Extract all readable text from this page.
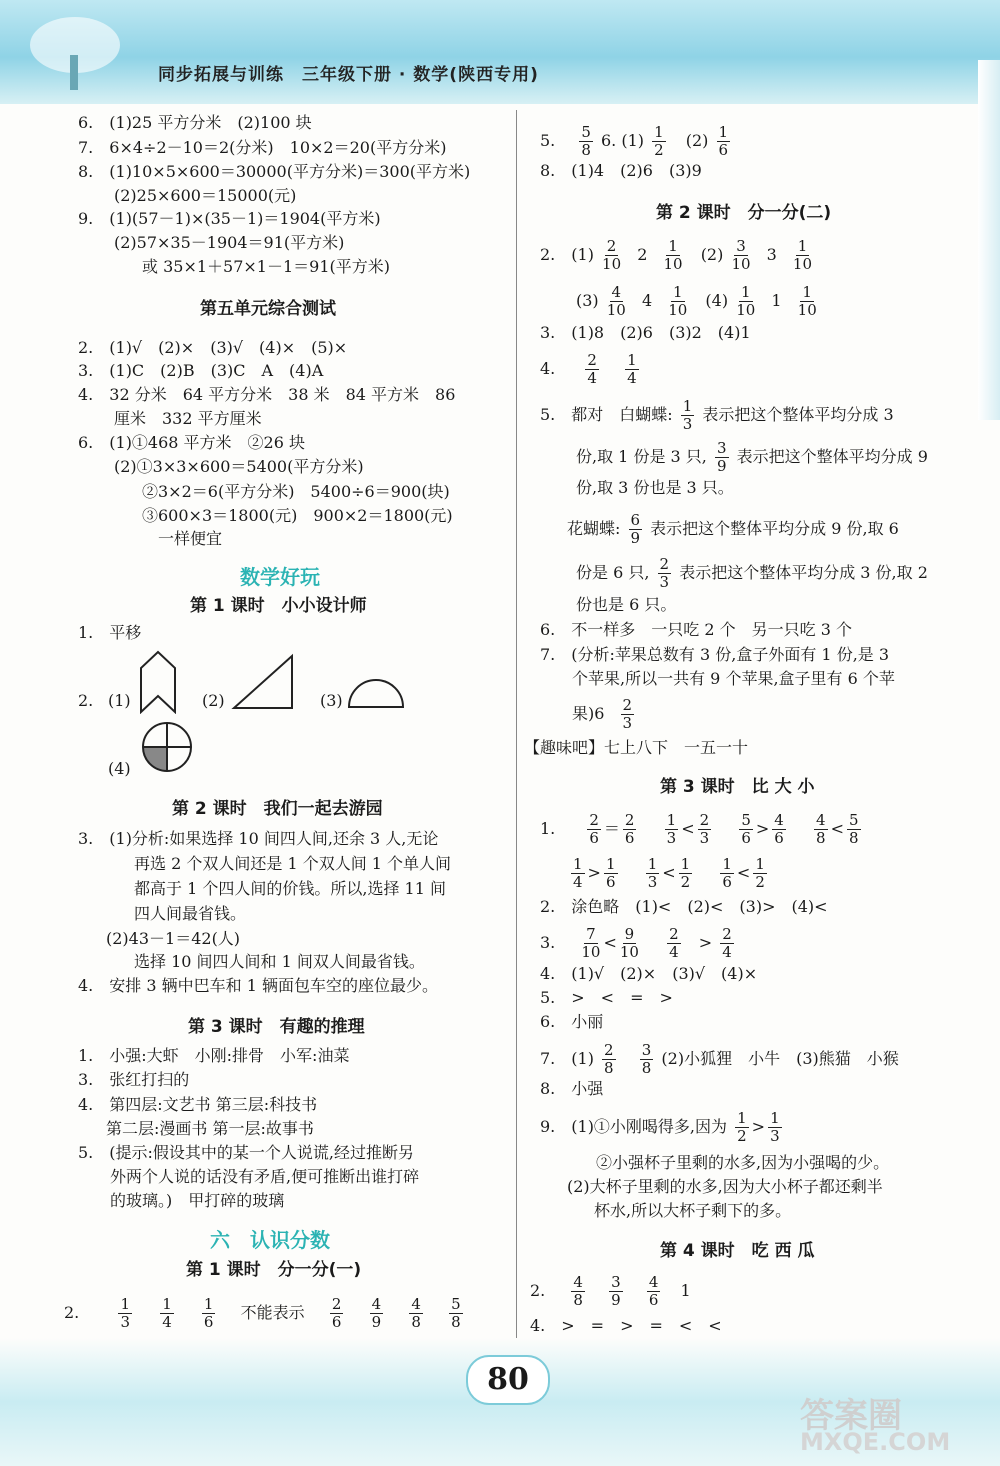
同步拓展与训练　三年级下册 · 数学(陕西专用)
6.　(1)25 平方分米　(2)100 块
7.　6×4÷2－10＝2(分米)　10×2＝20(平方分米)
8.　(1)10×5×600＝30000(平方分米)＝300(平方米)
(2)25×600＝15000(元)
9.　(1)(57－1)×(35－1)＝1904(平方米)
(2)57×35－1904＝91(平方米)
或 35×1＋57×1－1＝91(平方米)
第五单元综合测试
2.　(1)√　(2)×　(3)√　(4)×　(5)×
3.　(1)C　(2)B　(3)C　A　(4)A
4.　32 分米　64 平方分米　38 米　84 平方米　86
厘米　332 平方厘米
6.　(1)①468 平方米　②26 块
(2)①3×3×600＝5400(平方分米)
②3×2＝6(平方分米)　5400÷6＝900(块)
③600×3＝1800(元)　900×2＝1800(元)
一样便宜
数学好玩
第 1 课时　小小设计师
1.　平移
2. (1)	(2)	(3)
(4)
第 2 课时　我们一起去游园
3.　(1)分析:如果选择 10 间四人间,还余 3 人,无论
再选 2 个双人间还是 1 个双人间 1 个单人间
都高于 1 个四人间的价钱。所以,选择 11 间
四人间最省钱。
(2)43－1＝42(人)
选择 10 间四人间和 1 间双人间最省钱。
4.　安排 3 辆中巴车和 1 辆面包车空的座位最少。
第 3 课时　有趣的推理
1.　小强:大虾　小刚:排骨　小军:油菜
3.　张红打扫的
4.　第四层:文艺书 第三层:科技书
第二层:漫画书 第一层:故事书
5.　(提示:假设其中的某一个人说谎,经过推断另
外两个人说的话没有矛盾,便可推断出谁打碎
的玻璃。)　甲打碎的玻璃
六　认识分数
第 1 课时　分一分(一)
2.	$\frac{1}{3}$
$\frac{1}{4}$
$\frac{1}{6}$ 不能表示 $\frac{2}{6}$
$\frac{4}{9}$
$\frac{4}{8}$
$\frac{5}{8}$
5. $\frac{5}{8} 6$. $(1) \frac{1}{2} (2) \frac{1}{6}$
8.　(1)4　(2)6　(3)9
第 2 课时　分一分(二)
2.　$(1) \frac{2}{10} 2 \frac{1}{10} (2) \frac{3}{10} 3 \frac{1}{10}$
$(3) \frac{4}{10} 4 \frac{1}{10} (4) \frac{1}{10} 1 \frac{1}{10}$
3.　(1)8　(2)6　(3)2　(4)1
4. $\frac{2}{4}$
$\frac{1}{4}$
5.　都对　白蝴蝶: $\frac{1}{3}$ 表示把这个整体平均分成 3
份,取 1 份是 3 只, $\frac{3}{9}$ 表示把这个整体平均分成 9
份,取 3 份也是 3 只。
花蝴蝶: $\frac{6}{9}$ 表示把这个整体平均分成 9 份,取 6
份是 6 只, $\frac{2}{3}$ 表示把这个整体平均分成 3 份,取 2
份也是 6 只。
6.　不一样多　一只吃 2 个　另一只吃 3 个
7.　(分析:苹果总数有 3 份,盒子外面有 1 份,是 3
个苹果,所以一共有 9 个苹果,盒子里有 6 个苹
果)$6 \frac{2}{3}$
【趣味吧】七上八下　一五一十
第 3 课时　比 大 小
1. $\frac{2}{6} = \frac{2}{6}$
$\frac{1}{3} < \frac{2}{3}$
$\frac{5}{6} > \frac{4}{6}$
$\frac{4}{8} < \frac{5}{8}$
$\frac{1}{4} > \frac{1}{6}$
$\frac{1}{3} < \frac{1}{2}$
$\frac{1}{6} < \frac{1}{2}$
2.　涂色略　(1)<　(2)<　(3)>　(4)<
3. $\frac{7}{10} < \frac{9}{10}$
$\frac{2}{4} > \frac{2}{4}$
4.　(1)√　(2)×　(3)√　(4)×
5.　>　<　=　>
6.　小丽
7.　$(1) \frac{2}{8}$
$\frac{3}{8} (2)$小狐狸　小牛　(3)熊猫　小猴
8.　小强
9.　(1)①小刚喝得多,因为 $\frac{1}{2} > \frac{1}{3}$
②小强杯子里剩的水多,因为小强喝的少。
(2)大杯子里剩的水多,因为大小杯子都还剩半
杯水,所以大杯子剩下的多。
第 4 课时　吃 西 瓜
2. $\frac{4}{8}$
$\frac{3}{9}$
$\frac{4}{6} 1$
4.　>　=　>　=　<　<
80
答案圈
MXQE.COM
